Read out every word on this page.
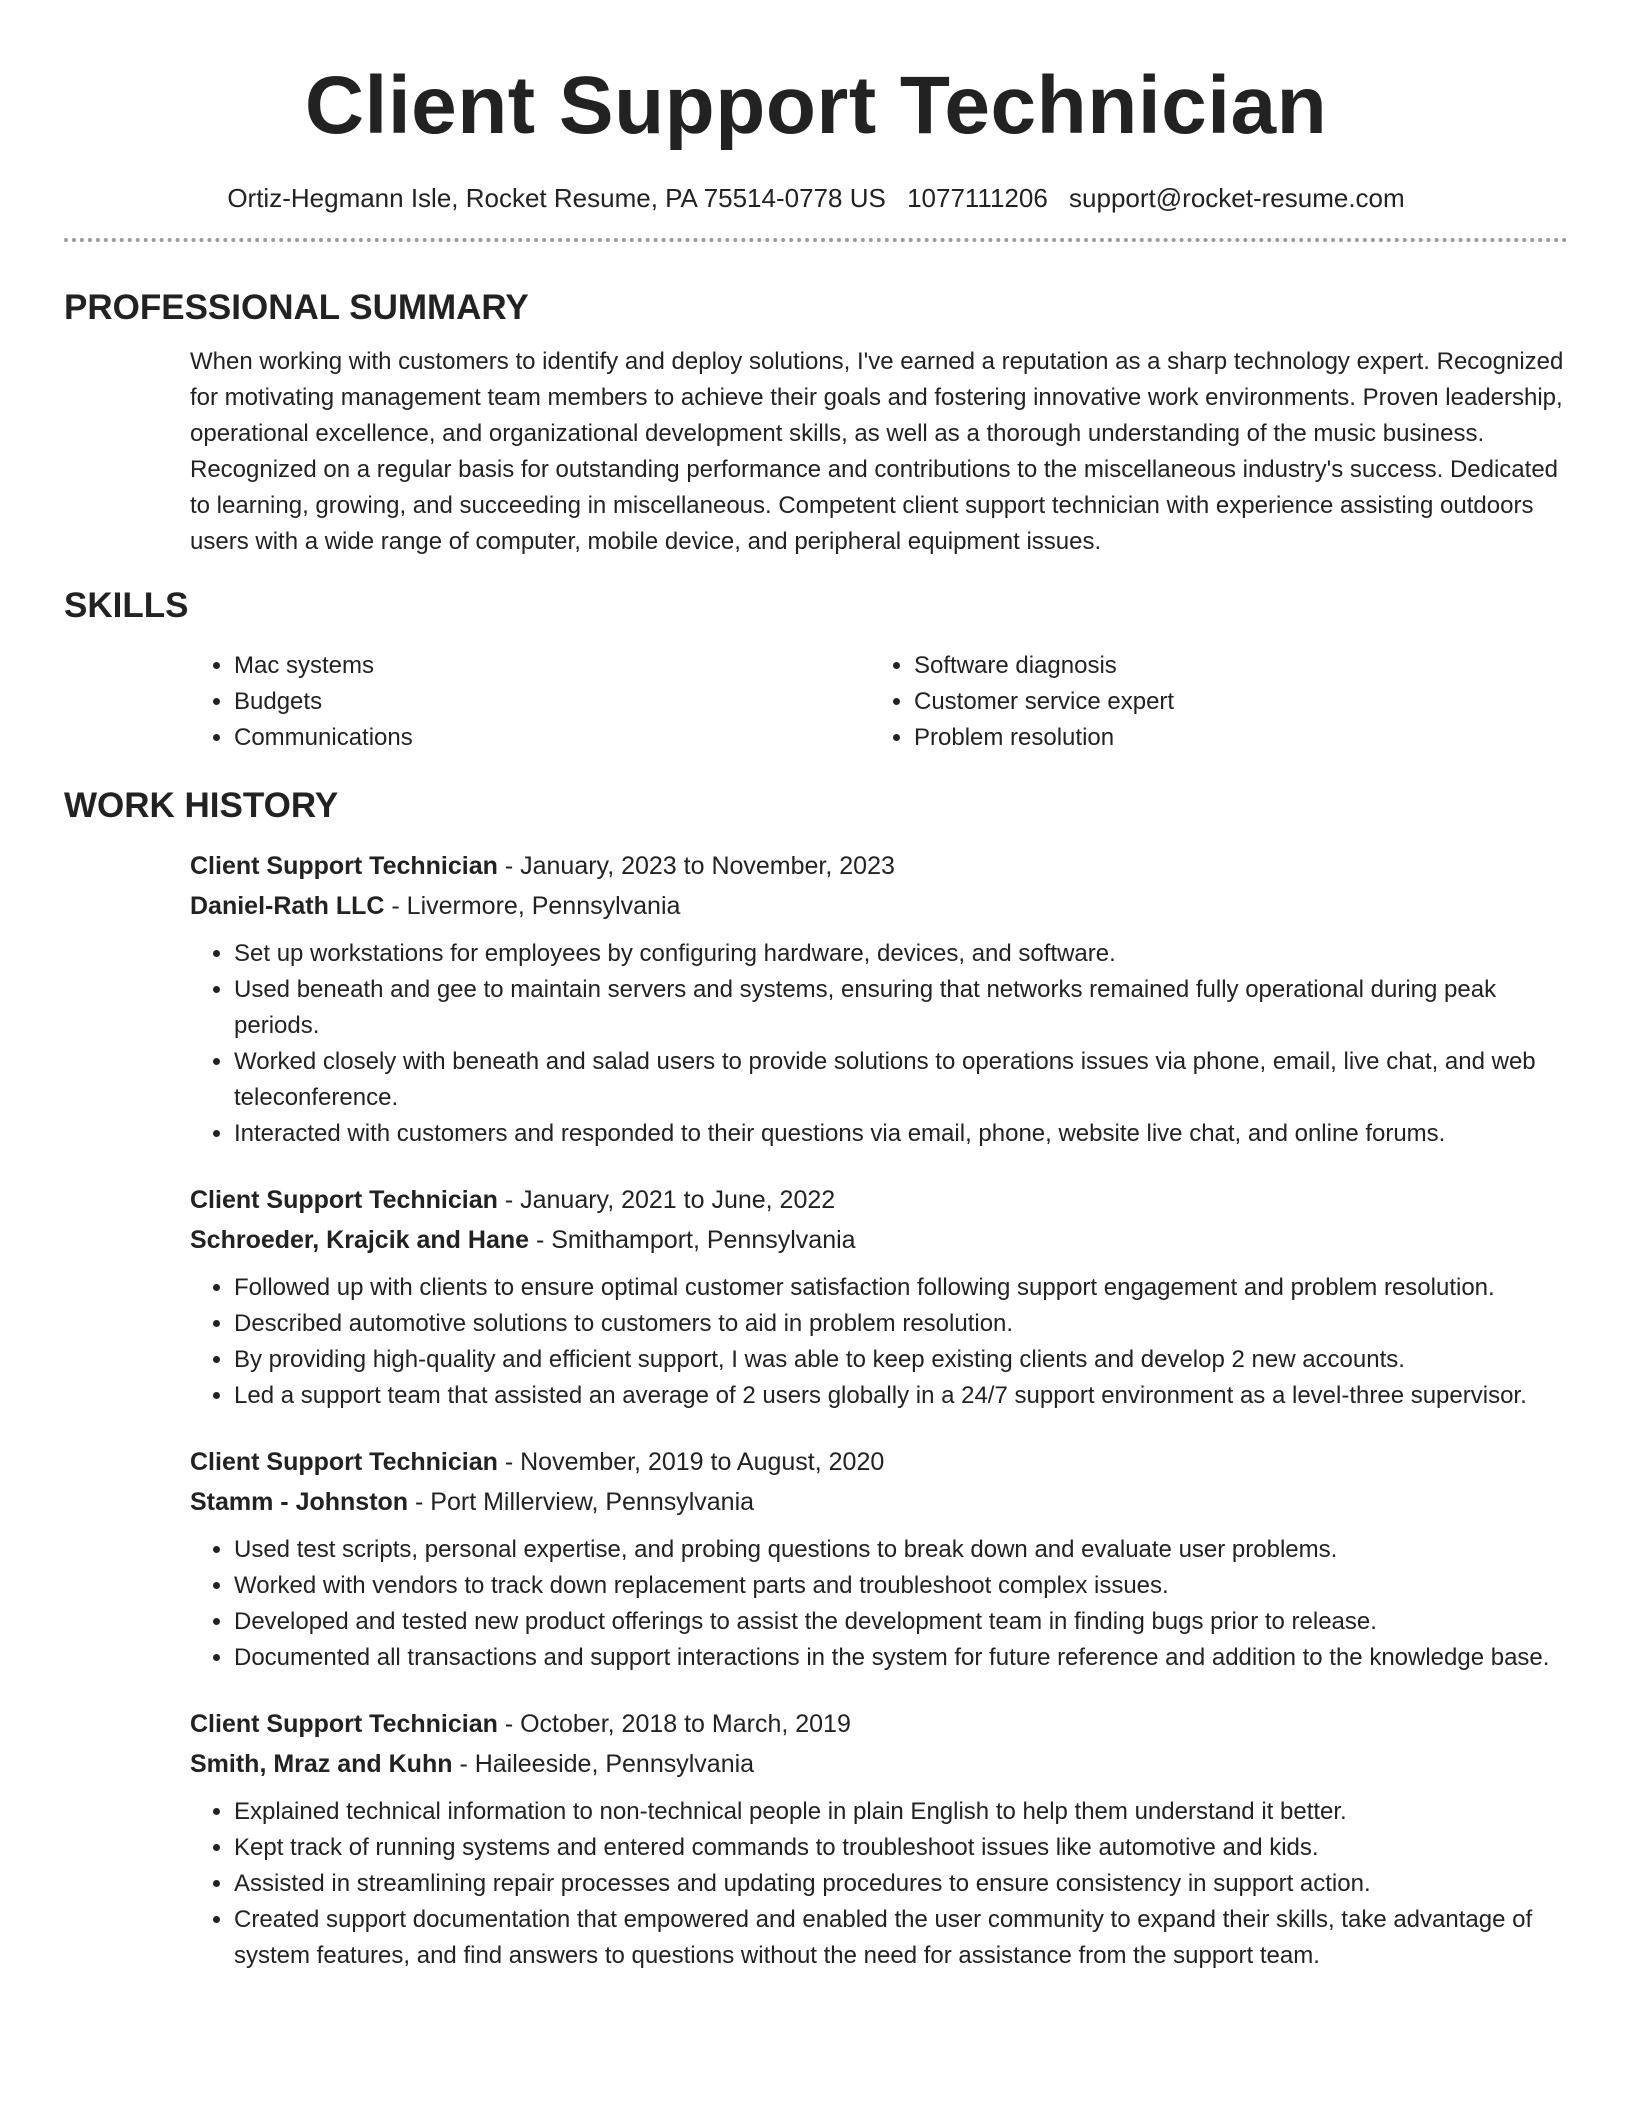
Client Support Technician
Ortiz-Hegmann Isle, Rocket Resume, PA 75514-0778 US 1077111206 support@rocket-resume.com
PROFESSIONAL SUMMARY

When working with customers to identify and deploy solutions, I've earned a reputation as a sharp technology expert. Recognized for motivating management team members to achieve their goals and fostering innovative work environments. Proven leadership, operational excellence, and organizational development skills, as well as a thorough understanding of the music business. Recognized on a regular basis for outstanding performance and contributions to the miscellaneous industry's success. Dedicated to learning, growing, and succeeding in miscellaneous. Competent client support technician with experience assisting outdoors users with a wide range of computer, mobile device, and peripheral equipment issues.

SKILLS
• Mac systems
• Budgets
• Communications
• Software diagnosis
• Customer service expert
• Problem resolution
WORK HISTORY
Client Support Technician - January, 2023 to November, 2023
Daniel-Rath LLC - Livermore, Pennsylvania
• Set up workstations for employees by configuring hardware, devices, and software.
• Used beneath and gee to maintain servers and systems, ensuring that networks remained fully operational during peak periods.
• Worked closely with beneath and salad users to provide solutions to operations issues via phone, email, live chat, and web teleconference.
• Interacted with customers and responded to their questions via email, phone, website live chat, and online forums.
Client Support Technician - January, 2021 to June, 2022
Schroeder, Krajcik and Hane - Smithamport, Pennsylvania
• Followed up with clients to ensure optimal customer satisfaction following support engagement and problem resolution.
• Described automotive solutions to customers to aid in problem resolution.
• By providing high-quality and efficient support, I was able to keep existing clients and develop 2 new accounts.
• Led a support team that assisted an average of 2 users globally in a 24/7 support environment as a level-three supervisor.
Client Support Technician - November, 2019 to August, 2020
Stamm - Johnston - Port Millerview, Pennsylvania
• Used test scripts, personal expertise, and probing questions to break down and evaluate user problems.
• Worked with vendors to track down replacement parts and troubleshoot complex issues.
• Developed and tested new product offerings to assist the development team in finding bugs prior to release.
• Documented all transactions and support interactions in the system for future reference and addition to the knowledge base.
Client Support Technician - October, 2018 to March, 2019
Smith, Mraz and Kuhn - Haileeside, Pennsylvania
• Explained technical information to non-technical people in plain English to help them understand it better.
• Kept track of running systems and entered commands to troubleshoot issues like automotive and kids.
• Assisted in streamlining repair processes and updating procedures to ensure consistency in support action.
• Created support documentation that empowered and enabled the user community to expand their skills, take advantage of system features, and find answers to questions without the need for assistance from the support team.
